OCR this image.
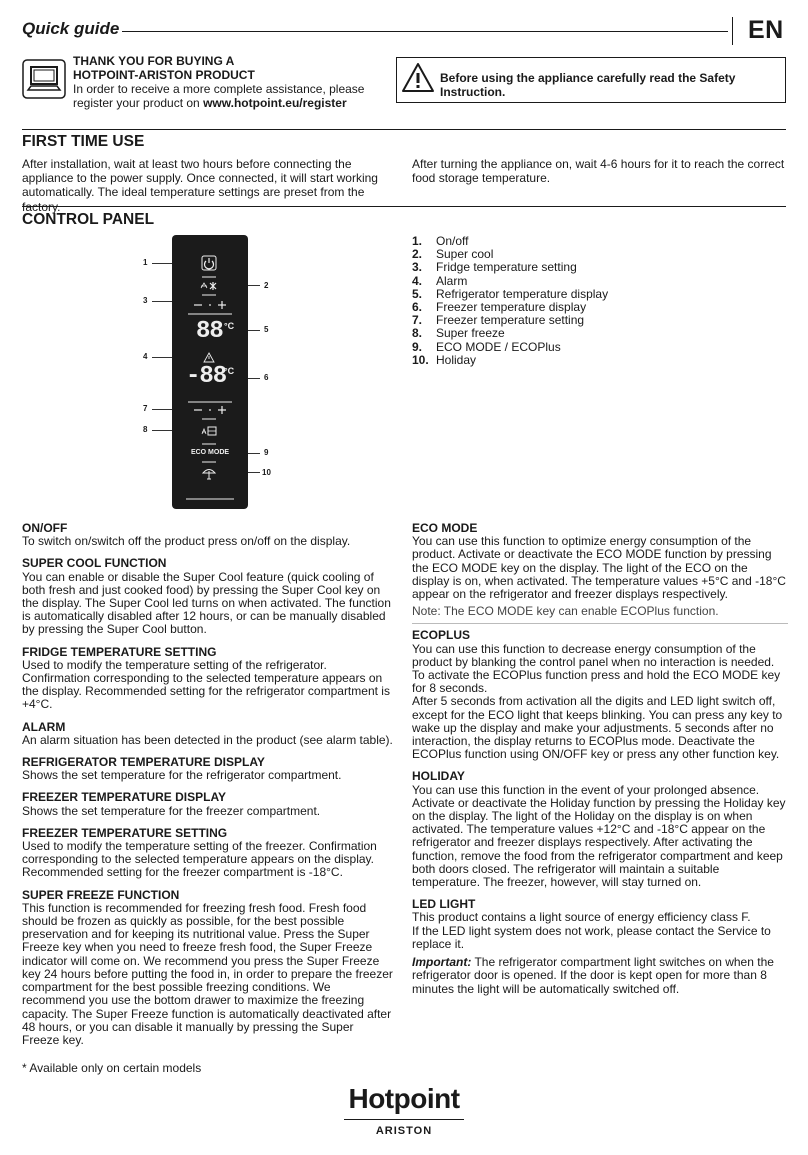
Quick guide	EN
THANK YOU FOR BUYING A
HOTPOINT-ARISTON PRODUCT
In order to receive a more complete assistance, please register your product on www.hotpoint.eu/register
Before using the appliance carefully read the Safety Instruction.
FIRST TIME USE
After installation, wait at least two hours before connecting the appliance to the power supply. Once connected, it will start working automatically. The ideal temperature settings are preset from the factory.
After turning the appliance on, wait 4-6 hours for it to reach the correct food storage temperature.
CONTROL PANEL
88 °C
-88
°C
ECO MODE
1
2
3
4
5
6
7
8
9
10
1.	On/off
2.	Super cool
3.	Fridge temperature setting
4.	Alarm
5.	Refrigerator temperature display
6.	Freezer temperature display
7.	Freezer temperature setting
8.	Super freeze
9.	ECO MODE / ECOPlus
10. Holiday
ON/OFF
To switch on/switch off the product press on/off on the display.
SUPER COOL FUNCTION
You can enable or disable the Super Cool feature (quick cooling of both fresh and just cooked food) by pressing the Super Cool key on the display. The Super Cool led turns on when activated. The function is automatically disabled after 12 hours, or can be manually disabled by pressing the Super Cool button.
FRIDGE TEMPERATURE SETTING
Used to modify the temperature setting of the refrigerator. Confirmation corresponding to the selected temperature appears on the display. Recommended setting for the refrigerator compartment is +4°C.
ALARM
An alarm situation has been detected in the product (see alarm table).
REFRIGERATOR TEMPERATURE DISPLAY
Shows the set temperature for the refrigerator compartment.
FREEZER TEMPERATURE DISPLAY
Shows the set temperature for the freezer compartment.
FREEZER TEMPERATURE SETTING
Used to modify the temperature setting of the freezer. Confirmation corresponding to the selected temperature appears on the display. Recommended setting for the freezer compartment is -18°C.
SUPER FREEZE FUNCTION
This function is recommended for freezing fresh food. Fresh food should be frozen as quickly as possible, for the best possible preservation and for keeping its nutritional value. Press the Super Freeze key when you need to freeze fresh food, the Super Freeze indicator will come on. We recommend you press the Super Freeze key 24 hours before putting the food in, in order to prepare the freezer compartment for the best possible freezing conditions. We recommend you use the bottom drawer to maximize the freezing capacity. The Super Freeze function is automatically deactivated after 48 hours, or you can disable it manually by pressing the Super Freeze key.
ECO MODE
You can use this function to optimize energy consumption of the product. Activate or deactivate the ECO MODE function by pressing the ECO MODE key on the display. The light of the ECO on the display is on, when activated. The temperature values +5°C and -18°C appear on the refrigerator and freezer displays respectively.
Note: The ECO MODE key can enable ECOPlus function.
ECOPLUS
You can use this function to decrease energy consumption of the product by blanking the control panel when no interaction is needed. To activate the ECOPlus function press and hold the ECO MODE key for 8 seconds.
After 5 seconds from activation all the digits and LED light switch off, except for the ECO light that keeps blinking. You can press any key to wake up the display and make your adjustments. 5 seconds after no interaction, the display returns to ECOPlus mode. Deactivate the ECOPlus function using ON/OFF key or press any other function key.
HOLIDAY
You can use this function in the event of your prolonged absence. Activate or deactivate the Holiday function by pressing the Holiday key on the display. The light of the Holiday on the display is on when activated. The temperature values +12°C and -18°C appear on the refrigerator and freezer displays respectively. After activating the function, remove the food from the refrigerator compartment and keep both doors closed. The refrigerator will maintain a suitable temperature. The freezer, however, will stay turned on.
LED LIGHT
This product contains a light source of energy efficiency class F.
If the LED light system does not work, please contact the Service to replace it.
Important: The refrigerator compartment light switches on when the refrigerator door is opened. If the door is kept open for more than 8 minutes the light will be automatically switched off.
* Available only on certain models
Hotpoint
ARISTON
